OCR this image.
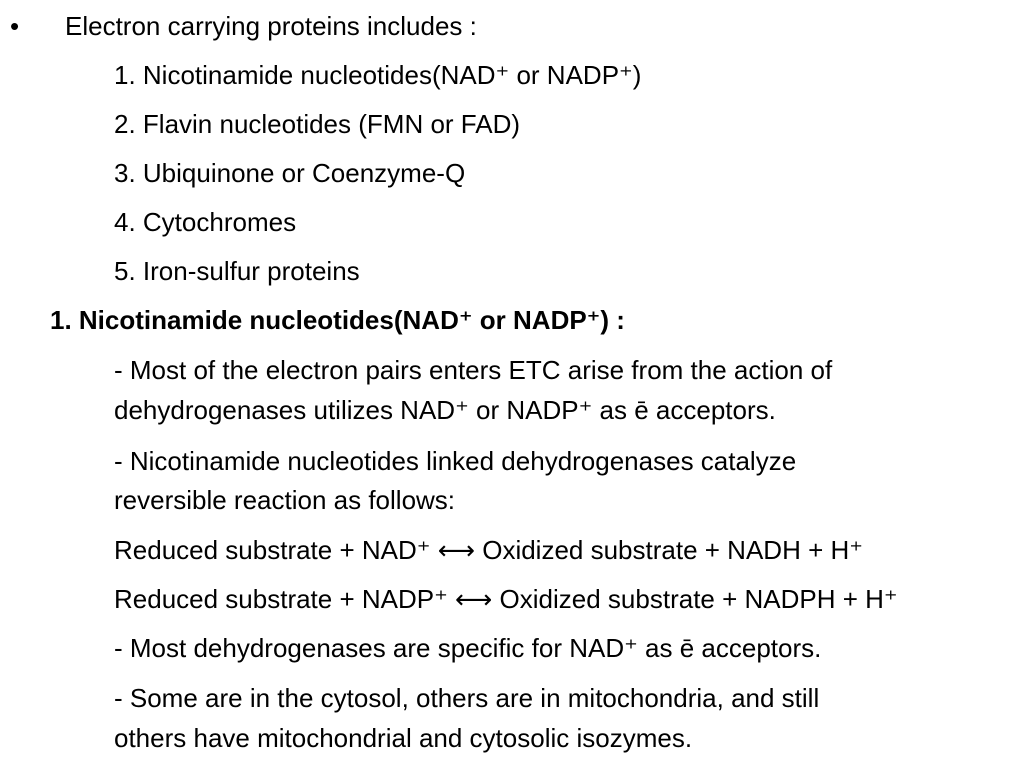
• Electron carrying proteins includes :
1. Nicotinamide nucleotides(NAD⁺ or NADP⁺)
2. Flavin nucleotides (FMN or FAD)
3. Ubiquinone or Coenzyme-Q
4. Cytochromes
5. Iron-sulfur proteins
1. Nicotinamide nucleotides(NAD⁺ or NADP⁺) :
- Most of the electron pairs enters ETC arise from the action of
dehydrogenases utilizes NAD⁺ or NADP⁺ as ē acceptors.
- Nicotinamide nucleotides linked dehydrogenases catalyze
reversible reaction as follows:
Reduced substrate + NAD⁺ ⟷ Oxidized substrate + NADH + H⁺
Reduced substrate + NADP⁺ ⟷ Oxidized substrate + NADPH + H⁺
- Most dehydrogenases are specific for NAD⁺ as ē acceptors.
- Some are in the cytosol, others are in mitochondria, and still
others have mitochondrial and cytosolic isozymes.
